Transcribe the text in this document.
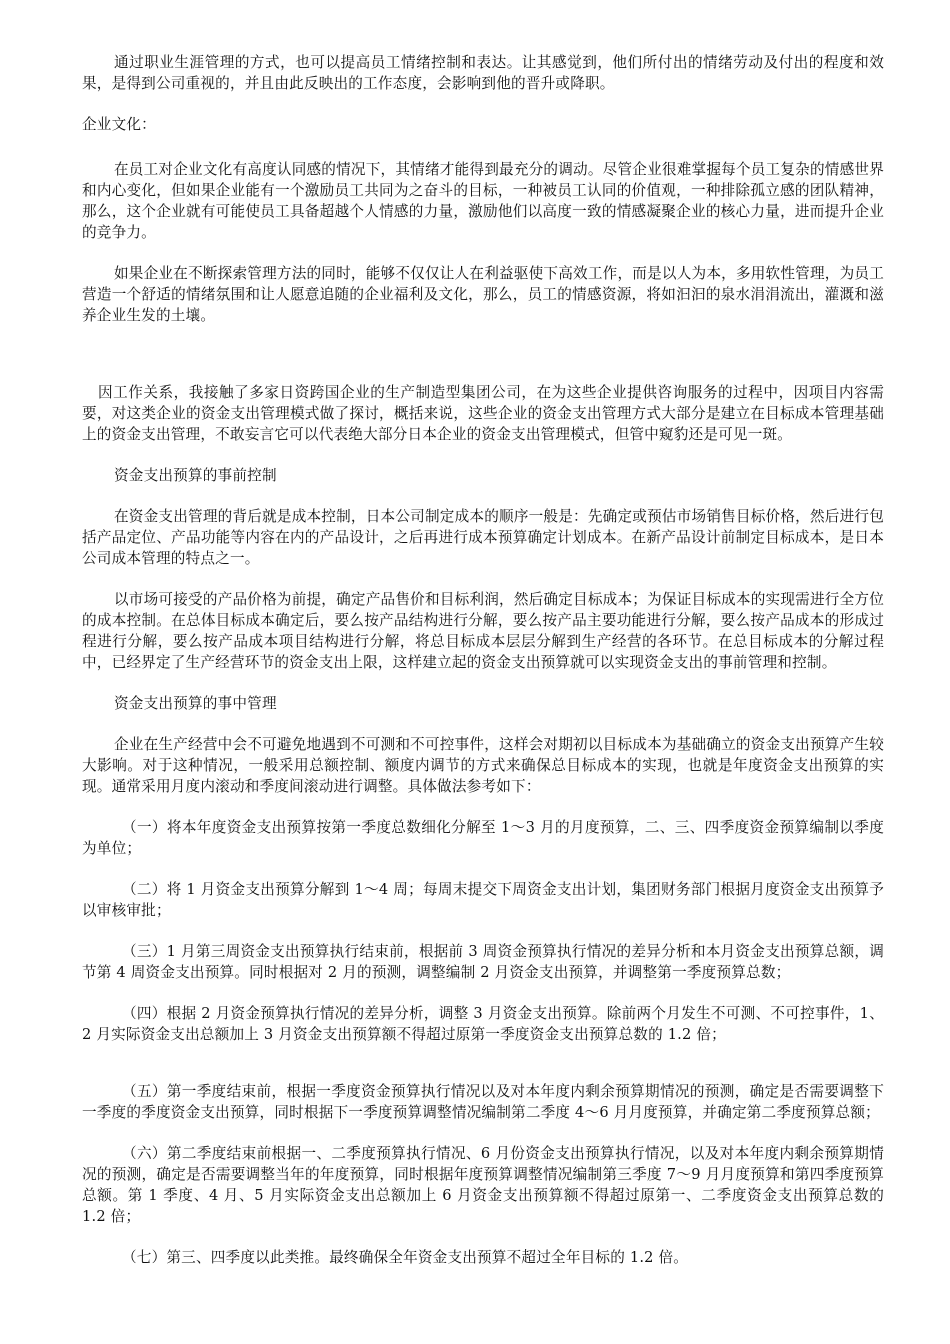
通过职业生涯管理的方式，也可以提高员工情绪控制和表达。让其感觉到，他们所付出的情绪劳动及付出的程度和效果，是得到公司重视的，并且由此反映出的工作态度，会影响到他的晋升或降职。

企业文化：

在员工对企业文化有高度认同感的情况下，其情绪才能得到最充分的调动。尽管企业很难掌握每个员工复杂的情感世界和内心变化，但如果企业能有一个激励员工共同为之奋斗的目标，一种被员工认同的价值观，一种排除孤立感的团队精神，那么，这个企业就有可能使员工具备超越个人情感的力量，激励他们以高度一致的情感凝聚企业的核心力量，进而提升企业的竞争力。

如果企业在不断探索管理方法的同时，能够不仅仅让人在利益驱使下高效工作，而是以人为本，多用软性管理，为员工营造一个舒适的情绪氛围和让人愿意追随的企业福利及文化，那么，员工的情感资源，将如汩汩的泉水涓涓流出，灌溉和滋养企业生发的土壤。

因工作关系，我接触了多家日资跨国企业的生产制造型集团公司，在为这些企业提供咨询服务的过程中，因项目内容需要，对这类企业的资金支出管理模式做了探讨，概括来说，这些企业的资金支出管理方式大部分是建立在目标成本管理基础上的资金支出管理，不敢妄言它可以代表绝大部分日本企业的资金支出管理模式，但管中窥豹还是可见一斑。

资金支出预算的事前控制

在资金支出管理的背后就是成本控制，日本公司制定成本的顺序一般是：先确定或预估市场销售目标价格，然后进行包括产品定位、产品功能等内容在内的产品设计，之后再进行成本预算确定计划成本。在新产品设计前制定目标成本，是日本公司成本管理的特点之一。

以市场可接受的产品价格为前提，确定产品售价和目标利润，然后确定目标成本；为保证目标成本的实现需进行全方位的成本控制。在总体目标成本确定后，要么按产品结构进行分解，要么按产品主要功能进行分解，要么按产品成本的形成过程进行分解，要么按产品成本项目结构进行分解，将总目标成本层层分解到生产经营的各环节。在总目标成本的分解过程中，已经界定了生产经营环节的资金支出上限，这样建立起的资金支出预算就可以实现资金支出的事前管理和控制。

资金支出预算的事中管理

企业在生产经营中会不可避免地遇到不可测和不可控事件，这样会对期初以目标成本为基础确立的资金支出预算产生较大影响。对于这种情况，一般采用总额控制、额度内调节的方式来确保总目标成本的实现，也就是年度资金支出预算的实现。通常采用月度内滚动和季度间滚动进行调整。具体做法参考如下：

（一）将本年度资金支出预算按第一季度总数细化分解至 1～3 月的月度预算，二、三、四季度资金预算编制以季度为单位；

（二）将 1 月资金支出预算分解到 1～4 周；每周末提交下周资金支出计划，集团财务部门根据月度资金支出预算予以审核审批；

（三）1 月第三周资金支出预算执行结束前，根据前 3 周资金预算执行情况的差异分析和本月资金支出预算总额，调节第 4 周资金支出预算。同时根据对 2 月的预测，调整编制 2 月资金支出预算，并调整第一季度预算总数；

（四）根据 2 月资金预算执行情况的差异分析，调整 3 月资金支出预算。除前两个月发生不可测、不可控事件，1、2 月实际资金支出总额加上 3 月资金支出预算额不得超过原第一季度资金支出预算总数的 1.2 倍；

（五）第一季度结束前，根据一季度资金预算执行情况以及对本年度内剩余预算期情况的预测，确定是否需要调整下一季度的季度资金支出预算，同时根据下一季度预算调整情况编制第二季度 4～6 月月度预算，并确定第二季度预算总额；

（六）第二季度结束前根据一、二季度预算执行情况、6 月份资金支出预算执行情况，以及对本年度内剩余预算期情况的预测，确定是否需要调整当年的年度预算，同时根据年度预算调整情况编制第三季度 7～9 月月度预算和第四季度预算总额。第 1 季度、4 月、5 月实际资金支出总额加上 6 月资金支出预算额不得超过原第一、二季度资金支出预算总数的 1.2 倍；

（七）第三、四季度以此类推。最终确保全年资金支出预算不超过全年目标的 1.2 倍。
